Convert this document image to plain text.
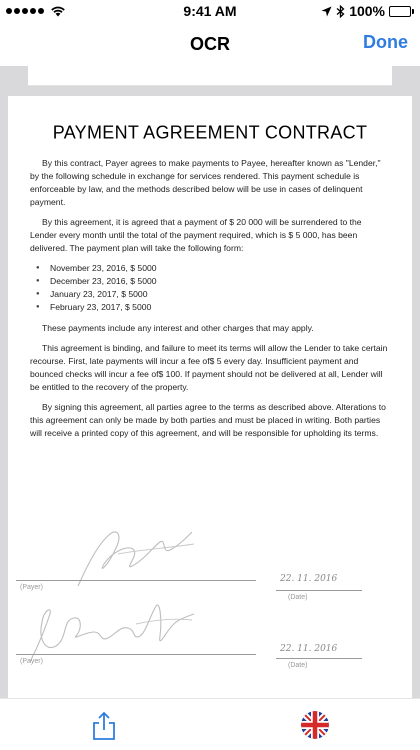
9:41 AM	100%
OCR	Done
PAYMENT AGREEMENT CONTRACT

By this contract, Payer agrees to make payments to Payee, hereafter known as "Lender," by the following schedule in exchange for services rendered. This payment schedule is enforceable by law, and the methods described below will be use in cases of delinquent payment.

By this agreement, it is agreed that a payment of $ 20 000 will be surrendered to the Lender every month until the total of the payment required, which is $ 5 000, has been delivered. The payment plan will take the following form:

●	November 23, 2016, $ 5000
●	December 23, 2016, $ 5000
●	January 23, 2017, $ 5000
●	February 23, 2017, $ 5000

These payments include any interest and other charges that may apply.

This agreement is binding, and failure to meet its terms will allow the Lender to take certain recourse. First, late payments will incur a fee of$ 5 every day. Insufficient payment and bounced checks will incur a fee of$ 100. If payment should not be delivered at all, Lender will be entitled to the recovery of the property.

By signing this agreement, all parties agree to the terms as described above. Alterations to this agreement can only be made by both parties and must be placed in writing. Both parties will receive a printed copy of this agreement, and will be responsible for upholding its terms.

(Payer)
22. 11. 2016
(Date)
(Payer)
22. 11. 2016
(Date)
